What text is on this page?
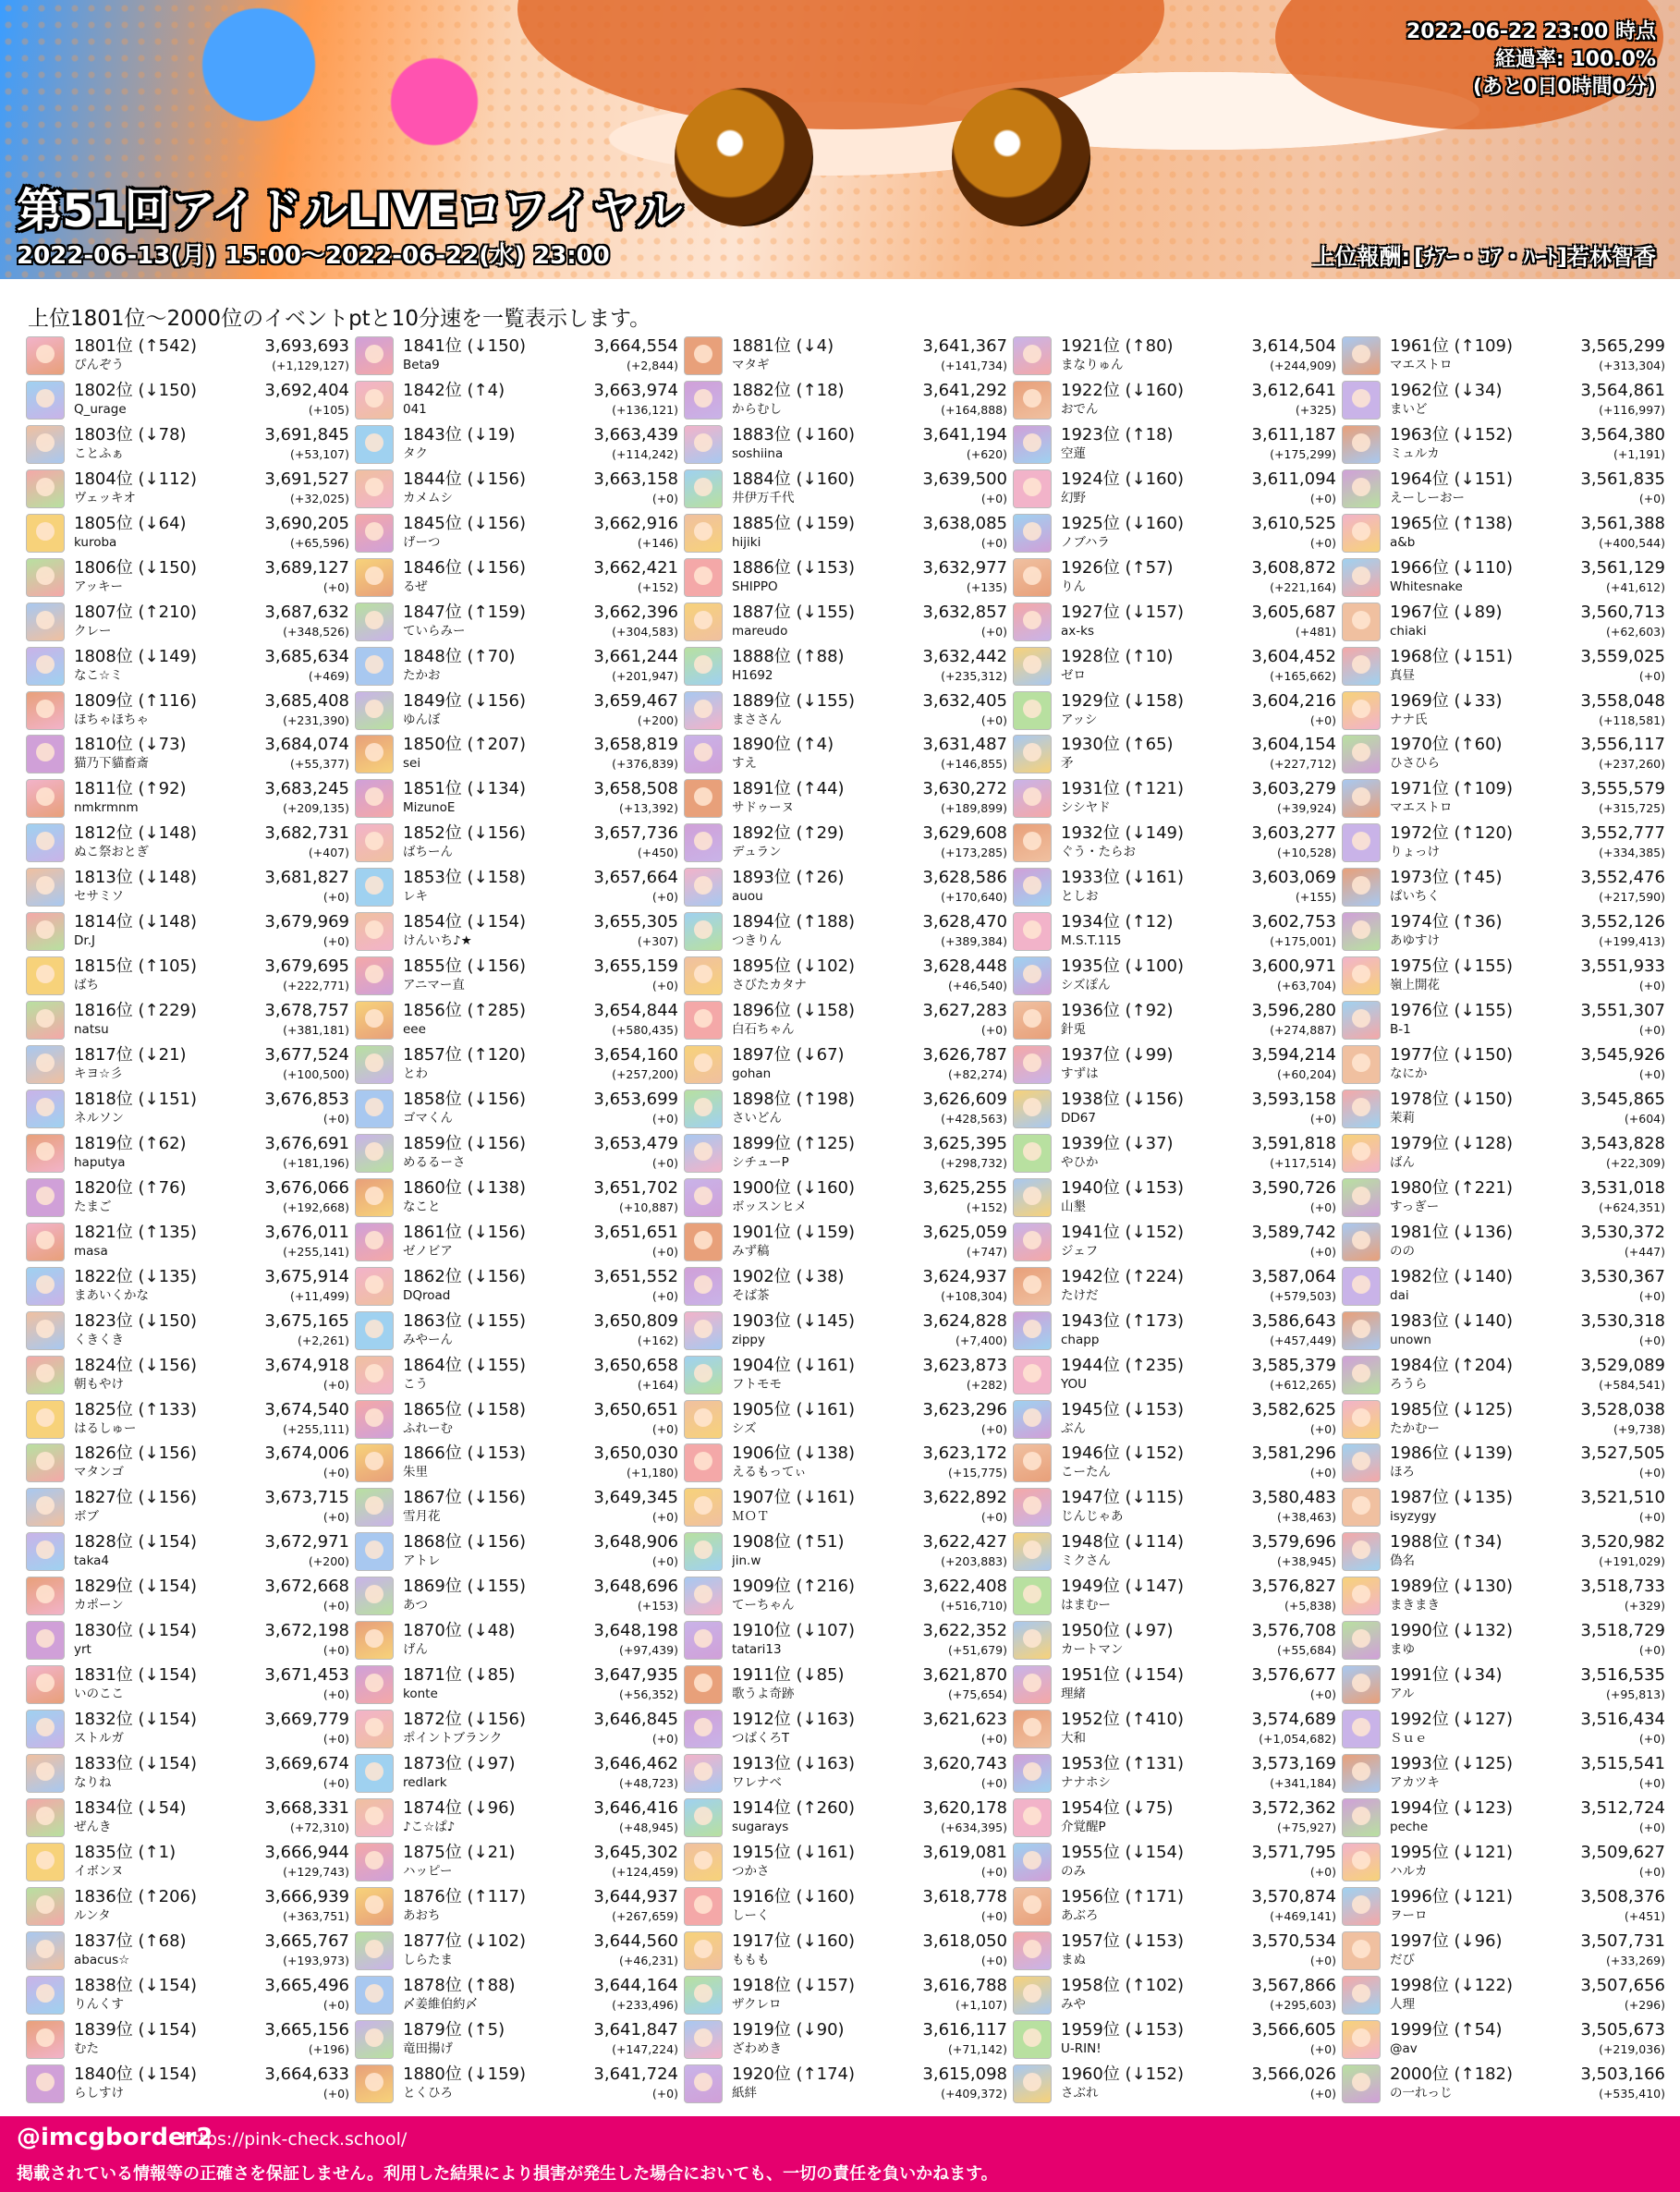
第51回アイドルLIVEロワイヤル
2022-06-13(月) 15:00～2022-06-22(水) 23:00
2022-06-22 23:00 時点
経過率: 100.0%
(あと0日0時間0分)
上位報酬: [ﾁｱｰ・ｺｱ・ﾊｰﾄ]若林智香
上位1801位～2000位のイベントptと10分速を一覧表示します。
1801位 (↑542)	3,693,693
ぴんぞう	(+1,129,127)
1802位 (↓150)	3,692,404
Q_urage	(+105)
1803位 (↓78)	3,691,845
ことふぁ	(+53,107)
1804位 (↓112)	3,691,527
ヴェッキオ	(+32,025)
1805位 (↓64)	3,690,205
kuroba	(+65,596)
1806位 (↓150)	3,689,127
アッキー	(+0)
1807位 (↑210)	3,687,632
クレー	(+348,526)
1808位 (↓149)	3,685,634
なこ☆ミ	(+469)
1809位 (↑116)	3,685,408
ほちゃほちゃ	(+231,390)
1810位 (↓73)	3,684,074
猫乃下貓畜斎	(+55,377)
1811位 (↑92)	3,683,245
nmkrmnm	(+209,135)
1812位 (↓148)	3,682,731
ぬこ祭おとぎ	(+407)
1813位 (↓148)	3,681,827
セサミソ	(+0)
1814位 (↓148)	3,679,969
Dr.J	(+0)
1815位 (↑105)	3,679,695
ばち	(+222,771)
1816位 (↑229)	3,678,757
natsu	(+381,181)
1817位 (↓21)	3,677,524
キヨ☆彡	(+100,500)
1818位 (↓151)	3,676,853
ネルソン	(+0)
1819位 (↑62)	3,676,691
haputya	(+181,196)
1820位 (↑76)	3,676,066
たまご	(+192,668)
1821位 (↑135)	3,676,011
masa	(+255,141)
1822位 (↓135)	3,675,914
まあいくかな	(+11,499)
1823位 (↓150)	3,675,165
くきくき	(+2,261)
1824位 (↓156)	3,674,918
朝もやけ	(+0)
1825位 (↑133)	3,674,540
はるしゅー	(+255,111)
1826位 (↓156)	3,674,006
マタンゴ	(+0)
1827位 (↓156)	3,673,715
ボブ	(+0)
1828位 (↓154)	3,672,971
taka4	(+200)
1829位 (↓154)	3,672,668
カポーン	(+0)
1830位 (↓154)	3,672,198
yrt	(+0)
1831位 (↓154)	3,671,453
いのここ	(+0)
1832位 (↓154)	3,669,779
ストルガ	(+0)
1833位 (↓154)	3,669,674
なりね	(+0)
1834位 (↓54)	3,668,331
ぜんき	(+72,310)
1835位 (↑1)	3,666,944
イボンヌ	(+129,743)
1836位 (↑206)	3,666,939
ルンタ	(+363,751)
1837位 (↑68)	3,665,767
abacus☆	(+193,973)
1838位 (↓154)	3,665,496
りんくす	(+0)
1839位 (↓154)	3,665,156
むた	(+196)
1840位 (↓154)	3,664,633
らしすけ	(+0)
1841位 (↓150)	3,664,554
Beta9	(+2,844)
1842位 (↑4)	3,663,974
041	(+136,121)
1843位 (↓19)	3,663,439
タク	(+114,242)
1844位 (↓156)	3,663,158
カメムシ	(+0)
1845位 (↓156)	3,662,916
げーつ	(+146)
1846位 (↓156)	3,662,421
るぜ	(+152)
1847位 (↑159)	3,662,396
ていらみー	(+304,583)
1848位 (↑70)	3,661,244
たかお	(+201,947)
1849位 (↓156)	3,659,467
ゆんぼ	(+200)
1850位 (↑207)	3,658,819
sei	(+376,839)
1851位 (↓134)	3,658,508
MizunoE	(+13,392)
1852位 (↓156)	3,657,736
ばちーん	(+450)
1853位 (↓158)	3,657,664
レキ	(+0)
1854位 (↓154)	3,655,305
けんいち♪★	(+307)
1855位 (↓156)	3,655,159
アニマー直	(+0)
1856位 (↑285)	3,654,844
eee	(+580,435)
1857位 (↑120)	3,654,160
とわ	(+257,200)
1858位 (↓156)	3,653,699
ゴマくん	(+0)
1859位 (↓156)	3,653,479
めるるーさ	(+0)
1860位 (↓138)	3,651,702
なこと	(+10,887)
1861位 (↓156)	3,651,651
ゼノビア	(+0)
1862位 (↓156)	3,651,552
DQroad	(+0)
1863位 (↓155)	3,650,809
みやーん	(+162)
1864位 (↓155)	3,650,658
こう	(+164)
1865位 (↓158)	3,650,651
ふれーむ	(+0)
1866位 (↓153)	3,650,030
朱里	(+1,180)
1867位 (↓156)	3,649,345
雪月花	(+0)
1868位 (↓156)	3,648,906
アトレ	(+0)
1869位 (↓155)	3,648,696
あつ	(+153)
1870位 (↓48)	3,648,198
げん	(+97,439)
1871位 (↓85)	3,647,935
konte	(+56,352)
1872位 (↓156)	3,646,845
ポイントブランク	(+0)
1873位 (↓97)	3,646,462
redlark	(+48,723)
1874位 (↓96)	3,646,416
♪こ☆ぱ♪	(+48,945)
1875位 (↓21)	3,645,302
ハッピー	(+124,459)
1876位 (↑117)	3,644,937
あおち	(+267,659)
1877位 (↓102)	3,644,560
しらたま	(+46,231)
1878位 (↑88)	3,644,164
〆姜維伯約〆	(+233,496)
1879位 (↑5)	3,641,847
竜田揚げ	(+147,224)
1880位 (↓159)	3,641,724
とくひろ	(+0)
1881位 (↓4)	3,641,367
マタギ	(+141,734)
1882位 (↑18)	3,641,292
からむし	(+164,888)
1883位 (↓160)	3,641,194
soshiina	(+620)
1884位 (↓160)	3,639,500
井伊万千代	(+0)
1885位 (↓159)	3,638,085
hijiki	(+0)
1886位 (↓153)	3,632,977
SHIPPO	(+135)
1887位 (↓155)	3,632,857
mareudo	(+0)
1888位 (↑88)	3,632,442
H1692	(+235,312)
1889位 (↓155)	3,632,405
まささん	(+0)
1890位 (↑4)	3,631,487
すえ	(+146,855)
1891位 (↑44)	3,630,272
サドゥーヌ	(+189,899)
1892位 (↑29)	3,629,608
デュラン	(+173,285)
1893位 (↑26)	3,628,586
auou	(+170,640)
1894位 (↑188)	3,628,470
つきりん	(+389,384)
1895位 (↓102)	3,628,448
さびたカタナ	(+46,540)
1896位 (↓158)	3,627,283
白石ちゃん	(+0)
1897位 (↓67)	3,626,787
gohan	(+82,274)
1898位 (↑198)	3,626,609
さいどん	(+428,563)
1899位 (↑125)	3,625,395
シチューP	(+298,732)
1900位 (↓160)	3,625,255
ボッスンヒメ	(+152)
1901位 (↓159)	3,625,059
みず稿	(+747)
1902位 (↓38)	3,624,937
そば茶	(+108,304)
1903位 (↓145)	3,624,828
zippy	(+7,400)
1904位 (↓161)	3,623,873
フトモモ	(+282)
1905位 (↓161)	3,623,296
シズ	(+0)
1906位 (↓138)	3,623,172
えるもってぃ	(+15,775)
1907位 (↓161)	3,622,892
ＭＯＴ	(+0)
1908位 (↑51)	3,622,427
jin.w	(+203,883)
1909位 (↑216)	3,622,408
てーちゃん	(+516,710)
1910位 (↓107)	3,622,352
tatari13	(+51,679)
1911位 (↓85)	3,621,870
歌うよ奇跡	(+75,654)
1912位 (↓163)	3,621,623
つばくろT	(+0)
1913位 (↓163)	3,620,743
ワレナベ	(+0)
1914位 (↑260)	3,620,178
sugarays	(+634,395)
1915位 (↓161)	3,619,081
つかさ	(+0)
1916位 (↓160)	3,618,778
しーく	(+0)
1917位 (↓160)	3,618,050
ももも	(+0)
1918位 (↓157)	3,616,788
ザクレロ	(+1,107)
1919位 (↓90)	3,616,117
ざわめき	(+71,142)
1920位 (↑174)	3,615,098
紙絆	(+409,372)
1921位 (↑80)	3,614,504
まなりゅん	(+244,909)
1922位 (↓160)	3,612,641
おでん	(+325)
1923位 (↑18)	3,611,187
空蓮	(+175,299)
1924位 (↓160)	3,611,094
幻野	(+0)
1925位 (↓160)	3,610,525
ノブハラ	(+0)
1926位 (↑57)	3,608,872
りん	(+221,164)
1927位 (↓157)	3,605,687
ax-ks	(+481)
1928位 (↑10)	3,604,452
ゼロ	(+165,662)
1929位 (↓158)	3,604,216
アッシ	(+0)
1930位 (↑65)	3,604,154
矛	(+227,712)
1931位 (↑121)	3,603,279
シシヤド	(+39,924)
1932位 (↓149)	3,603,277
ぐう・たらお	(+10,528)
1933位 (↓161)	3,603,069
としお	(+155)
1934位 (↑12)	3,602,753
M.S.T.115	(+175,001)
1935位 (↓100)	3,600,971
シズぽん	(+63,704)
1936位 (↑92)	3,596,280
針兎	(+274,887)
1937位 (↓99)	3,594,214
すずは	(+60,204)
1938位 (↓156)	3,593,158
DD67	(+0)
1939位 (↓37)	3,591,818
やひか	(+117,514)
1940位 (↓153)	3,590,726
山墾	(+0)
1941位 (↓152)	3,589,742
ジェフ	(+0)
1942位 (↑224)	3,587,064
たけだ	(+579,503)
1943位 (↑173)	3,586,643
chapp	(+457,449)
1944位 (↑235)	3,585,379
YOU	(+612,265)
1945位 (↓153)	3,582,625
ぶん	(+0)
1946位 (↓152)	3,581,296
こーたん	(+0)
1947位 (↓115)	3,580,483
じんじゃあ	(+38,463)
1948位 (↓114)	3,579,696
ミクさん	(+38,945)
1949位 (↓147)	3,576,827
はまむー	(+5,838)
1950位 (↓97)	3,576,708
カートマン	(+55,684)
1951位 (↓154)	3,576,677
理緒	(+0)
1952位 (↑410)	3,574,689
大和	(+1,054,682)
1953位 (↑131)	3,573,169
ナナホシ	(+341,184)
1954位 (↓75)	3,572,362
介覚醒P	(+75,927)
1955位 (↓154)	3,571,795
のみ	(+0)
1956位 (↑171)	3,570,874
あぶろ	(+469,141)
1957位 (↓153)	3,570,534
まぬ	(+0)
1958位 (↑102)	3,567,866
みや	(+295,603)
1959位 (↓153)	3,566,605
U-RIN!	(+0)
1960位 (↓152)	3,566,026
さぶれ	(+0)
1961位 (↑109)	3,565,299
マエストロ	(+313,304)
1962位 (↓34)	3,564,861
まいど	(+116,997)
1963位 (↓152)	3,564,380
ミュルカ	(+1,191)
1964位 (↓151)	3,561,835
えーしーおー	(+0)
1965位 (↑138)	3,561,388
a&b	(+400,544)
1966位 (↓110)	3,561,129
Whitesnake	(+41,612)
1967位 (↓89)	3,560,713
chiaki	(+62,603)
1968位 (↓151)	3,559,025
真昼	(+0)
1969位 (↓33)	3,558,048
ナナ氏	(+118,581)
1970位 (↑60)	3,556,117
ひさひら	(+237,260)
1971位 (↑109)	3,555,579
マエストロ	(+315,725)
1972位 (↑120)	3,552,777
りょっけ	(+334,385)
1973位 (↑45)	3,552,476
ぱいちく	(+217,590)
1974位 (↑36)	3,552,126
あゆすけ	(+199,413)
1975位 (↓155)	3,551,933
嶺上開花	(+0)
1976位 (↓155)	3,551,307
B-1	(+0)
1977位 (↓150)	3,545,926
なにか	(+0)
1978位 (↓150)	3,545,865
茉莉	(+604)
1979位 (↓128)	3,543,828
ばん	(+22,309)
1980位 (↑221)	3,531,018
すっぎー	(+624,351)
1981位 (↓136)	3,530,372
のの	(+447)
1982位 (↓140)	3,530,367
dai	(+0)
1983位 (↓140)	3,530,318
unown	(+0)
1984位 (↑204)	3,529,089
ろうら	(+584,541)
1985位 (↓125)	3,528,038
たかむー	(+9,738)
1986位 (↓139)	3,527,505
ほろ	(+0)
1987位 (↓135)	3,521,510
isyzygy	(+0)
1988位 (↑34)	3,520,982
偽名	(+191,029)
1989位 (↓130)	3,518,733
まきまき	(+329)
1990位 (↓132)	3,518,729
まゆ	(+0)
1991位 (↓34)	3,516,535
アル	(+95,813)
1992位 (↓127)	3,516,434
Ｓｕｅ	(+0)
1993位 (↓125)	3,515,541
アカツキ	(+0)
1994位 (↓123)	3,512,724
peche	(+0)
1995位 (↓121)	3,509,627
ハルカ	(+0)
1996位 (↓121)	3,508,376
ヲーロ	(+451)
1997位 (↓96)	3,507,731
だび	(+33,269)
1998位 (↓122)	3,507,656
人理	(+296)
1999位 (↑54)	3,505,673
@av	(+219,036)
2000位 (↑182)	3,503,166
の一れっじ	(+535,410)
@imcgborder2
https://pink-check.school/
掲載されている情報等の正確さを保証しません。利用した結果により損害が発生した場合においても、一切の責任を負いかねます。
